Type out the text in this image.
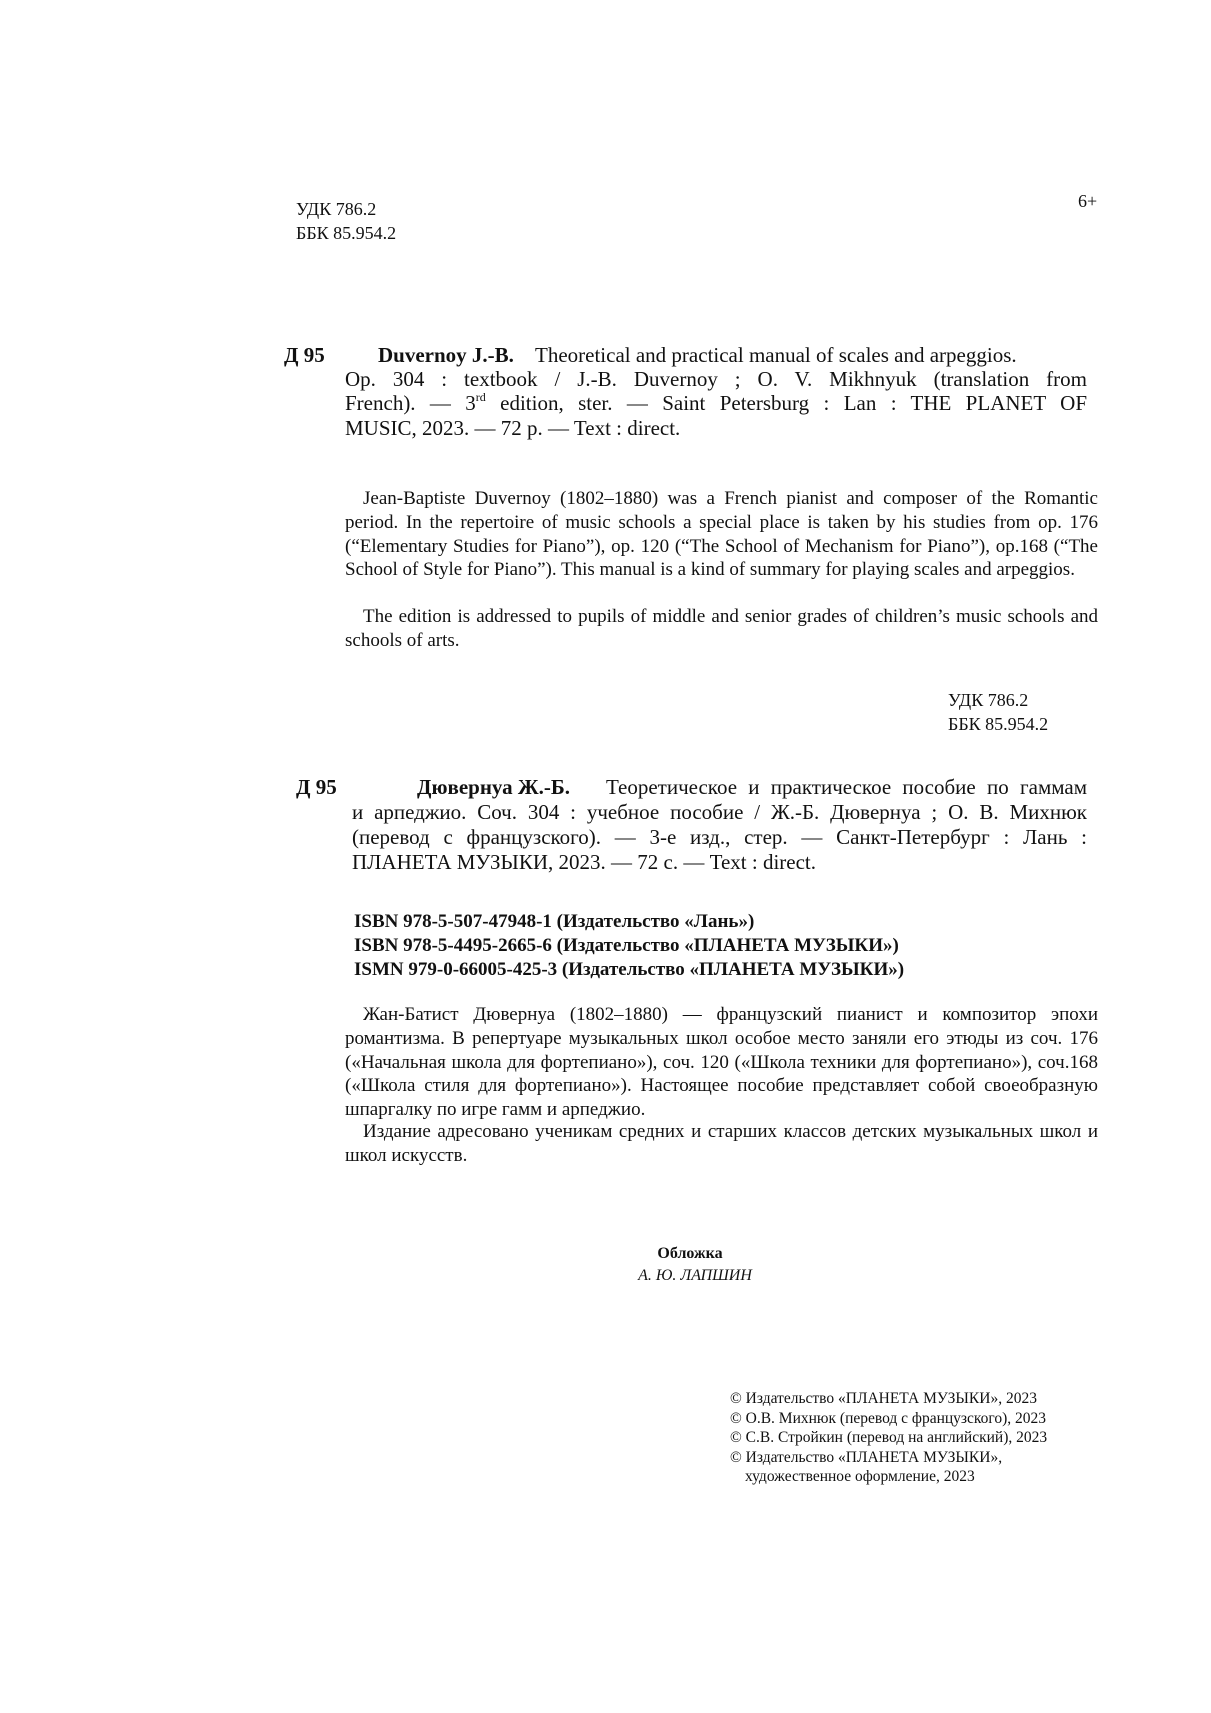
УДК 786.2
ББК 85.954.2
6+
Д 95	Duvernoy J.-B. Theoretical and practical manual of scales and arpeggios.
Op. 304 : textbook / J.-B. Duvernoy ; O. V. Mikhnyuk (translation from
French). — 3rd edition, ster. — Saint Petersburg : Lan : THE PLANET OF
MUSIC, 2023. — 72 p. — Text : direct.
Jean-Baptiste Duvernoy (1802–1880) was a French pianist and composer of the Romantic period. In the repertoire of music schools a special place is taken by his studies from op. 176 (“Elementary Studies for Piano”), op. 120 (“The School of Mechanism for Piano”), op.168 (“The School of Style for Piano”). This manual is a kind of summary for playing scales and arpeggios.
The edition is addressed to pupils of middle and senior grades of children’s music schools and schools of arts.
УДК 786.2
ББК 85.954.2
Д 95	Дювернуа Ж.-Б. Теоретическое и практическое пособие по гаммам
и арпеджио. Соч. 304 : учебное пособие / Ж.-Б. Дювернуа ; О. В. Михнюк
(перевод с французского). — 3-е изд., стер. — Санкт-Петербург : Лань :
ПЛАНЕТА МУЗЫКИ, 2023. — 72 с. — Text : direct.
ISBN 978-5-507-47948-1 (Издательство «Лань»)
ISBN 978-5-4495-2665-6 (Издательство «ПЛАНЕТА МУЗЫКИ»)
ISMN 979-0-66005-425-3 (Издательство «ПЛАНЕТА МУЗЫКИ»)
Жан-Батист Дювернуа (1802–1880) — французский пианист и композитор эпохи романтизма. В репертуаре музыкальных школ особое место заняли его этюды из соч. 176 («Начальная школа для фортепиано»), соч. 120 («Школа техники для фортепиано»), соч.168 («Школа стиля для фортепиано»). Настоящее пособие представляет собой своеобразную шпаргалку по игре гамм и арпеджио.
Издание адресовано ученикам средних и старших классов детских музыкальных школ и школ искусств.
Обложка
А. Ю. ЛАПШИН
© Издательство «ПЛАНЕТА МУЗЫКИ», 2023
© О.В. Михнюк (перевод с французского), 2023
© С.В. Стройкин (перевод на английский), 2023
© Издательство «ПЛАНЕТА МУЗЫКИ»,
художественное оформление, 2023
